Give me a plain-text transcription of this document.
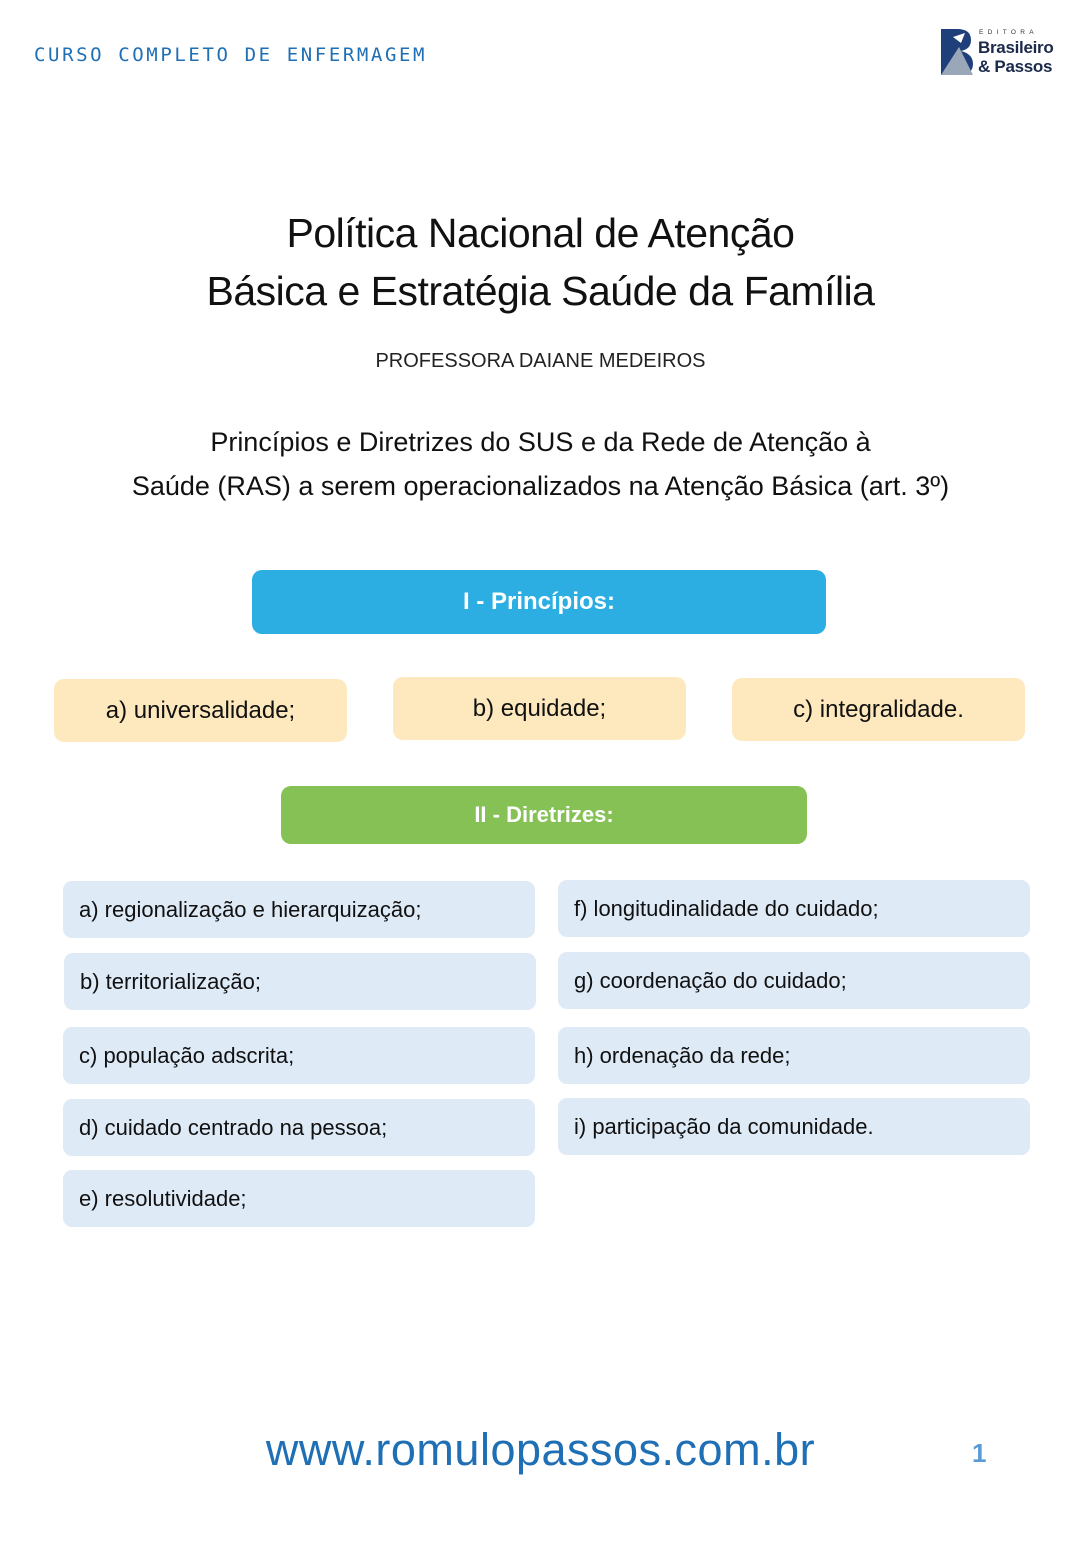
CURSO COMPLETO DE ENFERMAGEM
EDITORA
Brasileiro
& Passos
Política Nacional de Atenção
Básica e Estratégia Saúde da Família
PROFESSORA DAIANE MEDEIROS
Princípios e Diretrizes do SUS e da Rede de Atenção à
Saúde (RAS) a serem operacionalizados na Atenção Básica (art. 3º)
I - Princípios:
a) universalidade;	b) equidade;	c) integralidade.
II - Diretrizes:
a) regionalização e hierarquização;
b) territorialização;
c) população adscrita;
d) cuidado centrado na pessoa;
e) resolutividade;
f) longitudinalidade do cuidado;
g) coordenação do cuidado;
h) ordenação da rede;
i) participação da comunidade.
www.romulopassos.com.br	1
